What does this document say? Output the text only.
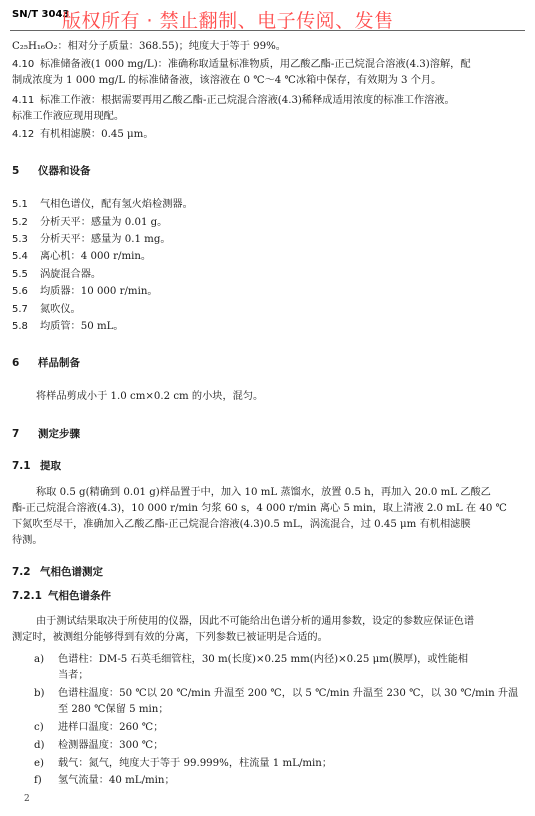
SN/T 3043
版权所有 · 禁止翻制、电子传阅、发售
C₂₅H₁₆O₂：相对分子质量：368.55)；纯度大于等于 99%。
4.10 标准储备液(1 000 mg/L)：准确称取适量标准物质，用乙酸乙酯-正己烷混合溶液(4.3)溶解，配
制成浓度为 1 000 mg/L 的标准储备液，该溶液在 0 ℃～4 ℃冰箱中保存，有效期为 3 个月。
4.11 标准工作液：根据需要再用乙酸乙酯-正己烷混合溶液(4.3)稀释成适用浓度的标准工作溶液。
标准工作液应现用现配。
4.12 有机相滤膜：0.45 μm。
5 仪器和设备
5.1 气相色谱仪，配有氢火焰检测器。
5.2 分析天平：感量为 0.01 g。
5.3 分析天平：感量为 0.1 mg。
5.4 离心机：4 000 r/min。
5.5 涡旋混合器。
5.6 均质器：10 000 r/min。
5.7 氮吹仪。
5.8 均质管：50 mL。
6 样品制备
将样品剪成小于 1.0 cm×0.2 cm 的小块，混匀。
7 测定步骤
7.1 提取
称取 0.5 g(精确到 0.01 g)样品置于中，加入 10 mL 蒸馏水，放置 0.5 h，再加入 20.0 mL 乙酸乙
酯-正己烷混合溶液(4.3)，10 000 r/min 匀浆 60 s，4 000 r/min 离心 5 min，取上清液 2.0 mL 在 40 ℃
下氮吹至尽干，准确加入乙酸乙酯-正己烷混合溶液(4.3)0.5 mL，涡流混合，过 0.45 μm 有机相滤膜
待测。
7.2 气相色谱测定
7.2.1 气相色谱条件
由于测试结果取决于所使用的仪器，因此不可能给出色谱分析的通用参数，设定的参数应保证色谱
测定时，被测组分能够得到有效的分离，下列参数已被证明是合适的。
a) 色谱柱：DM-5 石英毛细管柱，30 m(长度)×0.25 mm(内径)×0.25 μm(膜厚)，或性能相
当者；
b) 色谱柱温度：50 ℃以 20 ℃/min 升温至 200 ℃，以 5 ℃/min 升温至 230 ℃，以 30 ℃/min 升温
至 280 ℃保留 5 min；
c) 进样口温度：260 ℃；
d) 检测器温度：300 ℃；
e) 载气：氮气，纯度大于等于 99.999%，柱流量 1 mL/min；
f) 氢气流量：40 mL/min；
2
